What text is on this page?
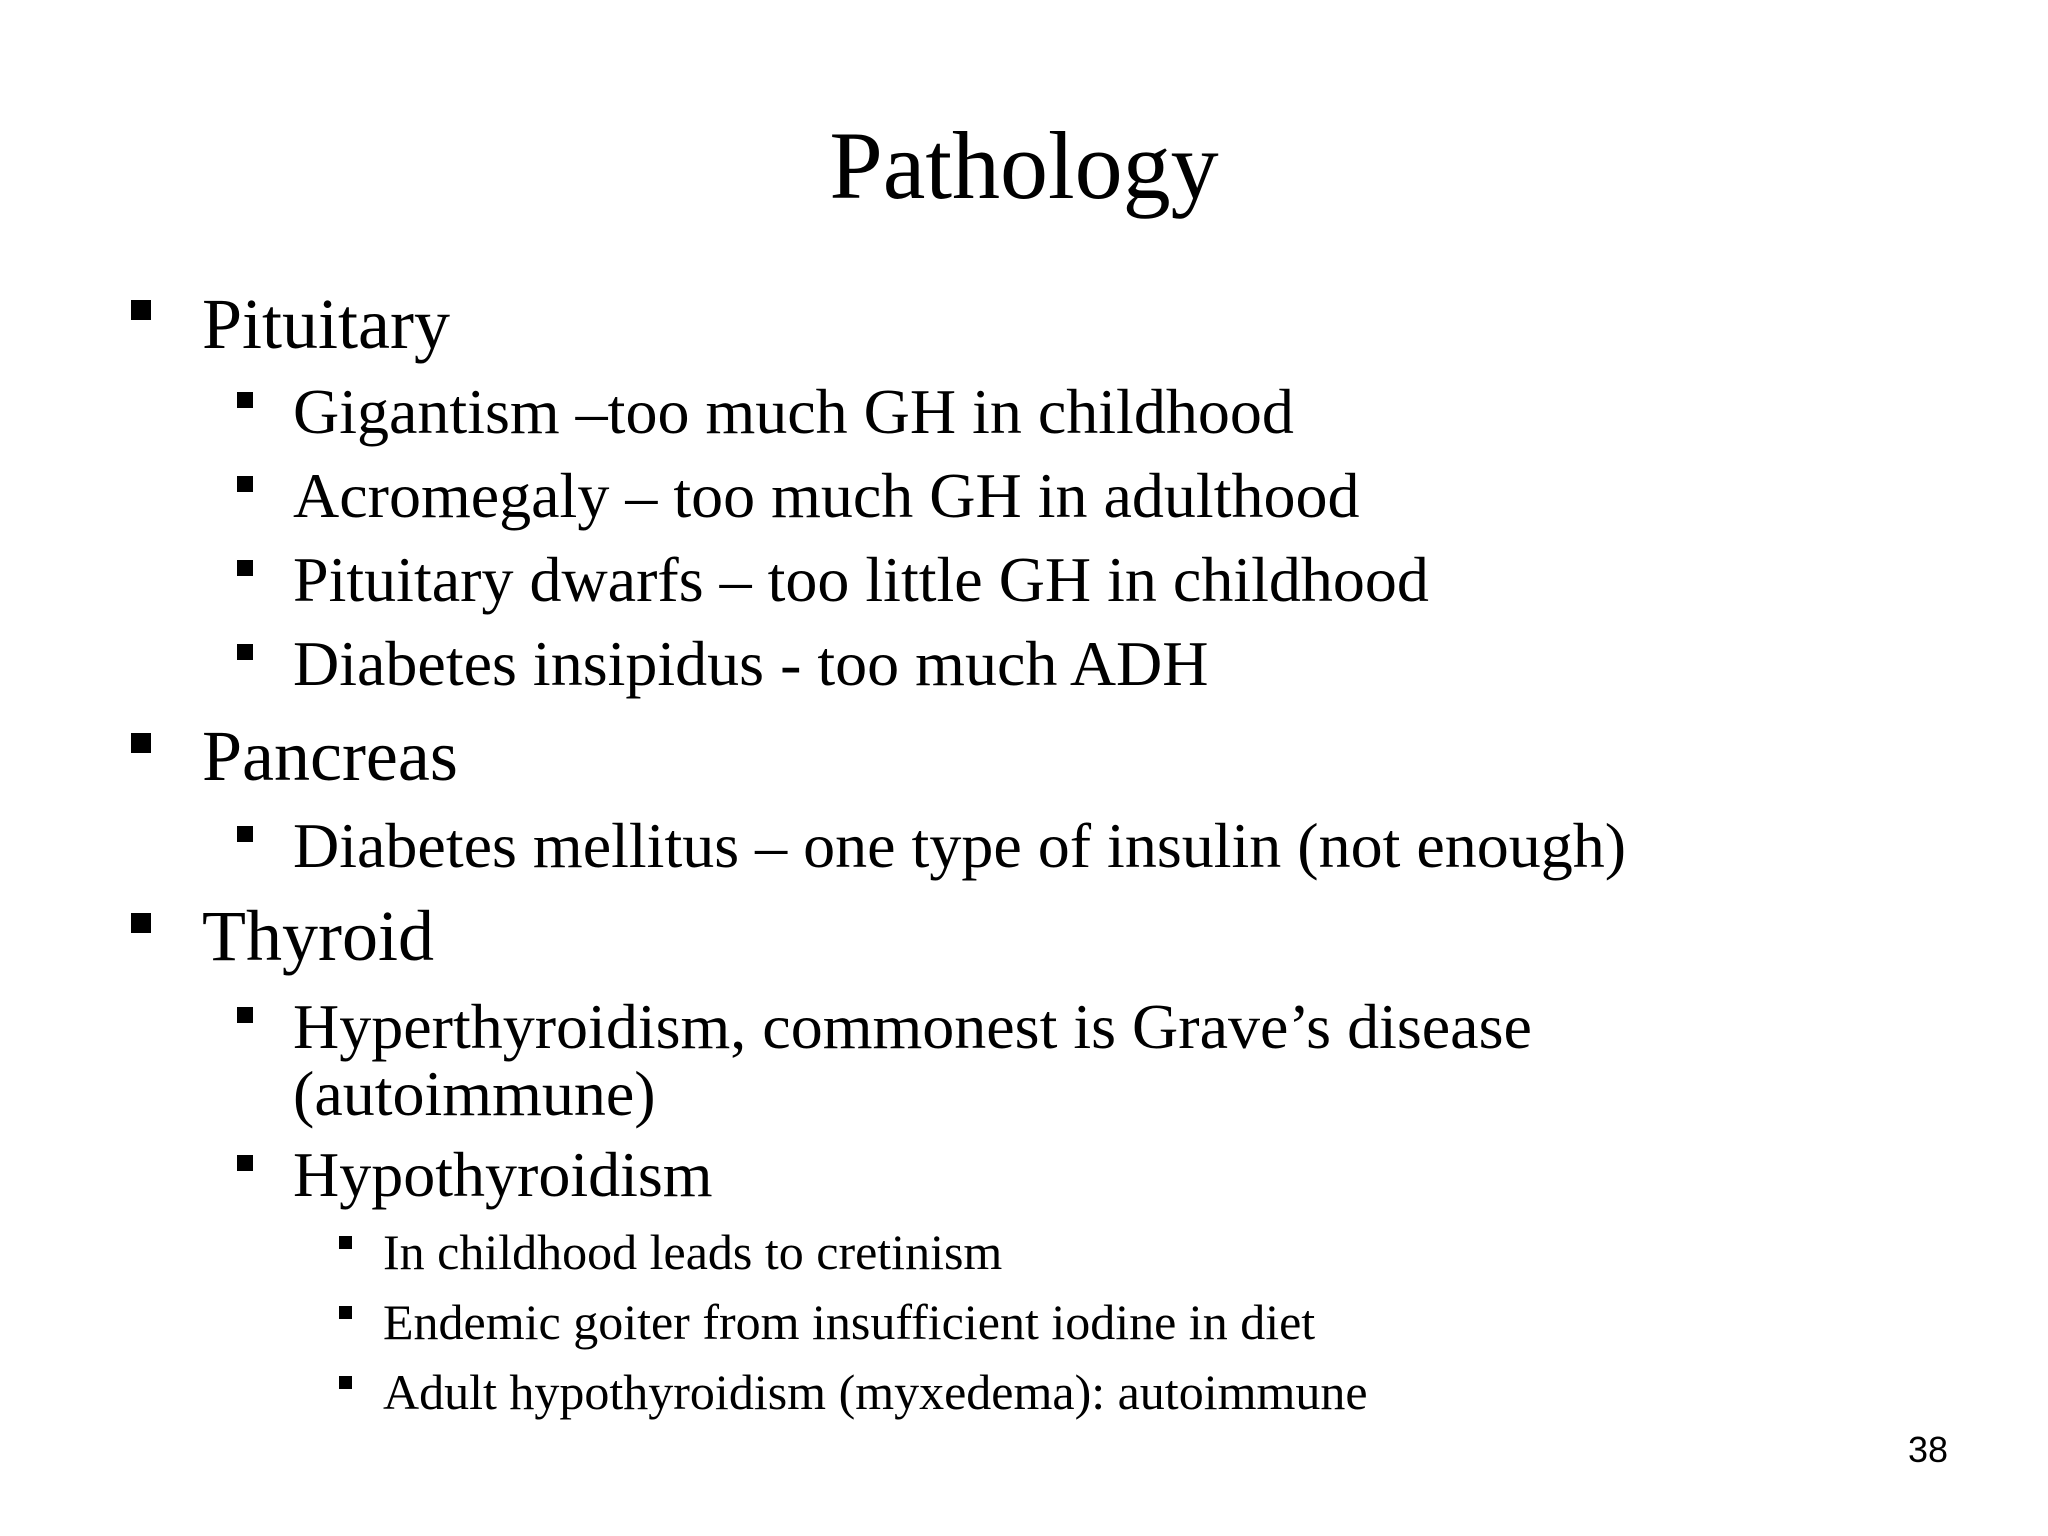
Pathology
Pituitary
Gigantism –too much GH in childhood
Acromegaly – too much GH in adulthood
Pituitary dwarfs – too little GH in childhood
Diabetes insipidus - too much ADH
Pancreas
Diabetes mellitus – one type of insulin (not enough)
Thyroid
Hyperthyroidism, commonest is Grave’s disease
(autoimmune)
Hypothyroidism
In childhood leads to cretinism
Endemic goiter from insufficient iodine in diet
Adult hypothyroidism (myxedema): autoimmune
38
